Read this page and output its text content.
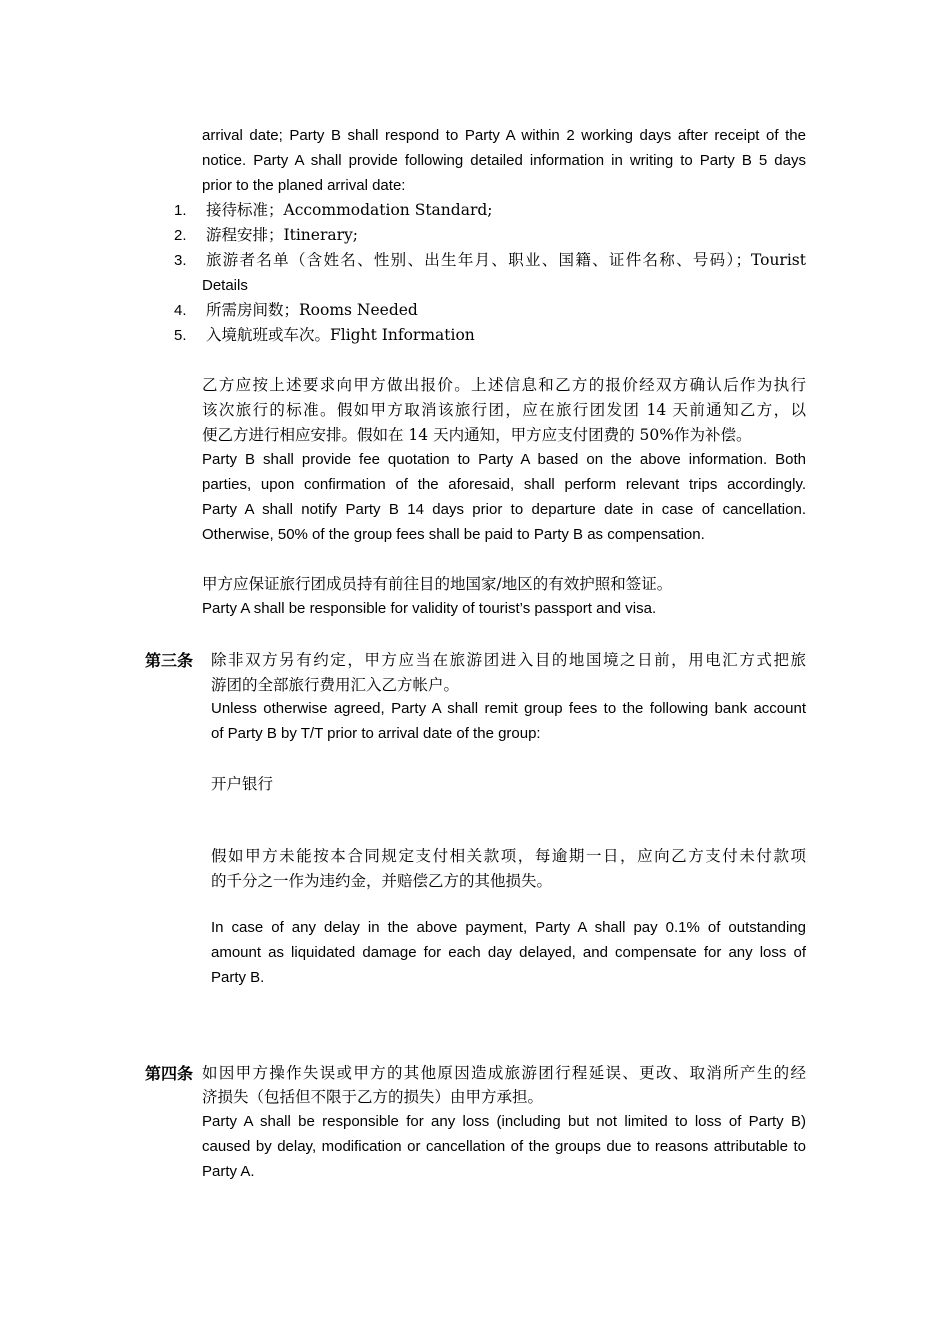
arrival date; Party B shall respond to Party A within 2 working days after receipt of the
notice. Party A shall provide following detailed information in writing to Party B 5 days
prior to the planed arrival date:
1. 接待标准；Accommodation Standard;
2. 游程安排；Itinerary;
3. 旅游者名单（含姓名、性别、出生年月、职业、国籍、证件名称、号码）；Tourist
Details
4. 所需房间数；Rooms Needed
5. 入境航班或车次。Flight Information
乙方应按上述要求向甲方做出报价。上述信息和乙方的报价经双方确认后作为执行
该次旅行的标准。假如甲方取消该旅行团，应在旅行团发团 14 天前通知乙方，以
便乙方进行相应安排。假如在 14 天内通知，甲方应支付团费的 50%作为补偿。
Party B shall provide fee quotation to Party A based on the above information. Both
parties, upon confirmation of the aforesaid, shall perform relevant trips accordingly.
Party A shall notify Party B 14 days prior to departure date in case of cancellation.
Otherwise, 50% of the group fees shall be paid to Party B as compensation.
甲方应保证旅行团成员持有前往目的地国家/地区的有效护照和签证。
Party A shall be responsible for validity of tourist’s passport and visa.
第三条 除非双方另有约定，甲方应当在旅游团进入目的地国境之日前，用电汇方式把旅
游团的全部旅行费用汇入乙方帐户。
Unless otherwise agreed, Party A shall remit group fees to the following bank account
of Party B by T/T prior to arrival date of the group:
开户银行
假如甲方未能按本合同规定支付相关款项，每逾期一日，应向乙方支付未付款项
的千分之一作为违约金，并赔偿乙方的其他损失。
In case of any delay in the above payment, Party A shall pay 0.1% of outstanding
amount as liquidated damage for each day delayed, and compensate for any loss of
Party B.
第四条 如因甲方操作失误或甲方的其他原因造成旅游团行程延误、更改、取消所产生的经
济损失（包括但不限于乙方的损失）由甲方承担。
Party A shall be responsible for any loss (including but not limited to loss of Party B)
caused by delay, modification or cancellation of the groups due to reasons attributable to
Party A.
